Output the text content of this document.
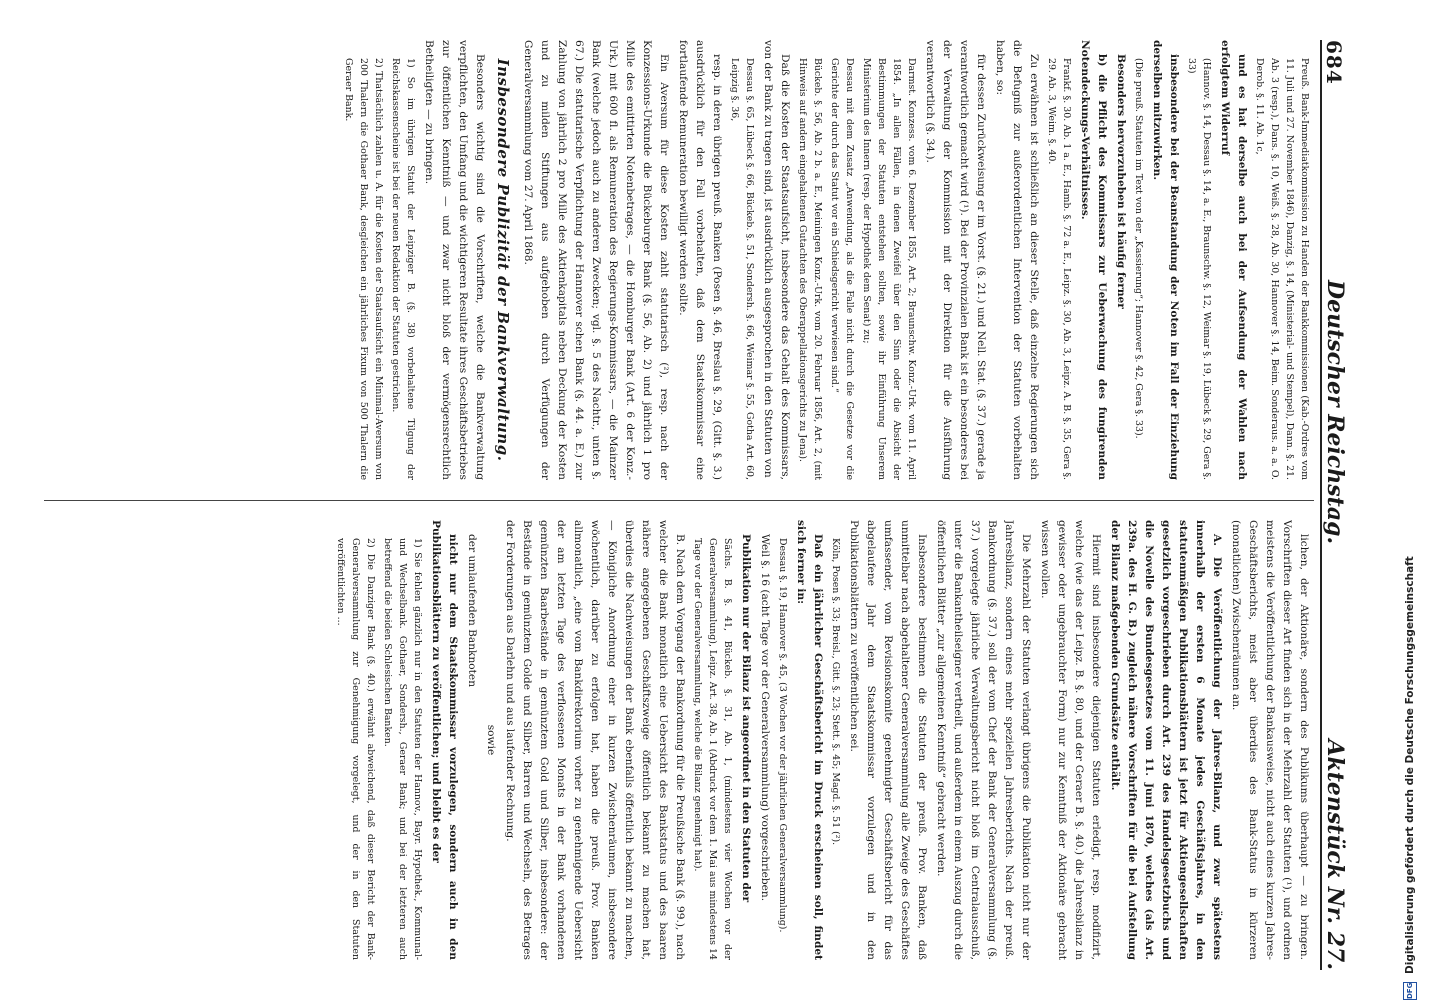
684
Deutscher Reichstag.
Aktenstück Nr. 27.

Preuß. Bank-Immediatkommission zu Handen der Bankkommissionen (Kab.-Ordres vom 11. Juli und 27. November 1846), Danzig, §. 14, (Ministerial- und Stempel), Dann. §. 21. Ab. 3 (resp.), Dans. §. 10, Weiß. §. 28, Ab. 30, Hannover §. 14, Beim. Sonderaus. a. a. O. Derob. §. 11. Ab. 1c,

und es hat derselbe auch bei der Aufsendung der Wahlen nach erfolgtem Widerruf

(Hannov. §. 14, Dessau §. 14, a. E., Braunschw. §. 12, Weimar §. 19, Lübeck §. 29, Gera §. 33)

insbesondere bei der Beanstandung der Noten im Fall der Einziehung derselben mitzuwirken.

(Die preuß. Statuten im Text von der „Kassierung“; Hannover §. 42, Gera §. 33).

Besonders hervorzuheben ist häufig ferner

b) die Pflicht des Kommissars zur Ueberwachung des fungirenden Notendeckungs-Verhältnisses.

Frankf. §. 30. Ab. 1 a. E., Hamb. §. 72 a. E., Leipz. §. 30, Ab. 3, Leipz. A. B. §. 35, Gera §. 29. Ab. 3, Weim. §. 40.

Zu erwähnen ist schließlich an dieser Stelle, daß einzelne Regierungen sich die Befugniß zur außerordentlichen Intervention der Statuten vorbehalten haben, so:

für dessen Zurückweisung er im Vorst. (§. 21.) und Nell. Stat. (§. 37.) gerade ja verantwortlich gemacht wird (¹). Bei der Provinzialen Bank ist ein besonderes bei der Verwaltung der Kommission mit der Direktion für die Ausführung verantwortlich (§. 34.).

Darmst. Konzess. vom 6. Dezember 1855, Art. 2; Braunschw. Konz.-Urk. vom 11. April 1854. „In allen Fällen, in denen Zweifel über den Sinn oder die Absicht der Bestimmungen der Statuten entstehen sollten, sowie ihr Einführung Unserem Ministerium des Innern (resp. der Hypothek dem Senat) zu;

Dessau mit dem Zusatz „Anwendung, als die Falle nicht durch die Gesetze vor die Gerichte der durch das Statut vor ein Schiedsgericht verwiesen sind.“

Bückeb. §. 56, Ab. 2 b. a. E., Meiningen Konz.-Urk. vom 20. Februar 1856, Art. 2, (mit Hinweis auf andern eingehaltenen Gutachten des Oberappellationsgerichts zu Jena).

Daß die Kosten der Staatsaufsicht, insbesondere das Gehalt des Kommissars, von der Bank zu tragen sind, ist ausdrücklich ausgesprochen in den Statuten von

Dessau §. 65, Lübeck §. 66, Bückeb. §. 51, Sondersh. §. 66, Weimar §. 55, Gotha Art. 60, Leipzig §. 36,

resp. in deren übrigen preuß. Banken (Posen §. 46, Breslau §. 29, (Gitt. §. 3.) ausdrücklich für den Fall vorbehalten, daß dem Staatskommissar eine fortlaufende Remuneration bewilligt werden sollte.

Ein Aversum für diese Kosten zahlt statutarisch (²), resp. nach der Konzessions-Urkunde die Bückeburger Bank (§. 56, Ab. 2) und jährlich 1 pro Mille des emittirten Notenbetrages, — die Homburger Bank (Art. 6 der Konz.-Urk.) mit 600 fl. als Remuneration des Regierungs-Kommissars, — die Mainzer Bank (welche jedoch auch zu anderen Zwecken; vgl. §. 5 des Nachtr., unten §. 67.) Die statutarische Verpflichtung der Hannover schen Bank (§. 44. a. E.) zur Zahlung von jährlich 2 pro Mille des Aktienkapitals neben Deckung der Kosten und zu milden Stiftungen aus aufgehoben durch Verfügungen der Generalversammlung vom 27. April 1868.

Insbesondere Publizität der Bankverwaltung.

Besonders wichtig sind die Vorschriften, welche die Bankverwaltung verpflichten, den Umfang und die wichtigeren Resultate ihres Geschäftsbetriebes zur öffentlichen Kenntniß — und zwar nicht bloß der vermögensrechtlich Betheiligten — zu bringen.

1) So im übrigen Statut der Leipziger B. (§. 38) vorbehaltene Tilgung der Reichskassenscheine ist bei der neuen Redaktion der Statuten gestrichen.

2) Thatsächlich zahlen u. A. für die Kosten der Staatsaufsicht ein Minimal-Aversum von 200 Thalern die Gothaer Bank, desgleichen ein jährliches Fixum von 500 Thalern die Geraer Bank.

lichen, der Aktionäre, sondern des Publikums überhaupt — zu bringen. Vorschriften dieser Art finden sich in der Mehrzahl der Statuten (¹), und ordnen meistens die Veröffentlichung der Bankausweise, nicht auch eines kurzen Jahres-Geschäftsberichts, meist aber überdies des Bank-Status in kürzeren (monatlichen) Zwischenräumen an.

A. Die Veröffentlichung der Jahres-Bilanz, und zwar spätestens innerhalb der ersten 6 Monate jedes Geschäftsjahres, in den statutenmäßigen Publikationsblättern ist jetzt für Aktiengesellschaften gesetzlich vorgeschrieben durch Art. 239 des Handelsgesetzbuchs und die Novelle des Bundesgesetzes vom 11. Juni 1870, welches (als Art. 239a. des H. G. B.) zugleich nähere Vorschriften für die bei Aufstellung der Bilanz maßgebenden Grundsätze enthält.

Hiermit sind insbesondere diejenigen Statuten erledigt, resp. modifizirt, welche (wie das der Leipz. B. §. 80, und der Geraer B. §. 40.) die Jahresbilanz in gewisser oder ungebrauchter Form) nur zur Kenntniß der Aktionäre gebracht wissen wollen.

Die Mehrzahl der Statuten verlangt übrigens die Publikation nicht nur der Jahresbilanz, sondern eines mehr speziellen Jahresberichts. Nach der preuß. Bankordnung (§. 37.) soll der vom Chef der Bank der Generalversammlung (§. 37.) vorgelegte jährliche Verwaltungsbericht nicht bloß im Centralausschuß, unter die Bankantheilseigner vertheilt, und außerdem in einem Auszug durch die öffentlichen Blätter „zur allgemeinen Kenntniß“ gebracht werden.

Insbesondere bestimmen die Statuten der preuß. Prov. Banken, daß unmittelbar nach abgehaltener Generalversammlung alle Zweige des Geschäftes umfassender, vom Revisionskomite genehmigter Geschäftsbericht für das abgelaufene Jahr dem Staatskommissar vorzulegen und in den Publikationsblättern zu veröffentlichen sei.

Köln, Posen §. 33; Breisl., Gitt. §. 23; Stett. §. 45; Magd. §. 51 (²).

Daß ein jährlicher Geschäftsbericht im Druck erscheinen soll, findet sich ferner in:

Dessau §. 19, Hannover §. 45, (3 Wochen vor der jährlichen Generalversammlung).

Weil §. 16 (acht Tage vor der Generalversammlung) vorgeschrieben.

Publikation nur der Bilanz ist angeordnet in den Statuten der

Sächs. B. §. 41, Bückeb. §. 31, Ab. 1, (mindestens vier Wochen vor der Generalversammlung), Leipz. Art. 38, Ab. 1 (Abdruck vor dem 1. Mai aus mindestens 14 Tage vor der Generalversammlung, welche die Bilanz genehmigt hat).

B. Nach dem Vorgang der Bankordnung für die Preußische Bank (§. 99.), nach welcher die Bank monatlich eine Uebersicht des Bankstatus und des baaren nähere angegebenen Geschäftszweige öffentlich bekannt zu machen hat, überdies die Nachweisungen der Bank ebenfalls öffentlich bekannt zu machen, — Königliche Anordnung einer in kurzen Zwischenräumen, insbesondere wöchentlich, darüber zu erfolgen hat, haben die preuß. Prov. Banken allmonatlich, „eine vom Bankdirektorium vorher zu genehmigende Uebersicht der am letzten Tage des verflossenen Monats in der Bank vorhandenen gemünzten Baarbestände in gemünztem Gold und Silber, insbesondere: der Bestände in gemünztem Golde und Silber, Barren und Wechseln, des Betrages der Forderungen aus Darlehn und aus laufender Rechnung.

sowie

der umlaufenden Banknoten

nicht nur dem Staatskommissar vorzulegen, sondern auch in den Publikationsblättern zu veröffentlichen; und bleibt es der

1) Sie fehlen gänzlich nur in den Statuten der Hannov., Bayr. Hypothek., Kommunal- und Wechselbank. Gothaer, Sondersh., Geraer Bank; und bei der letzteren auch betreffend die beiden Schlesischen Banken.

2) Die Danziger Bank (§. 40.) erwähnt abweichend, daß dieser Bericht der Bank-Generalversammlung zur Genehmigung vorgelegt, und der in den Statuten veröffentlichten ...

DFG
Digitalisierung gefördert durch die Deutsche Forschungsgemeinschaft
